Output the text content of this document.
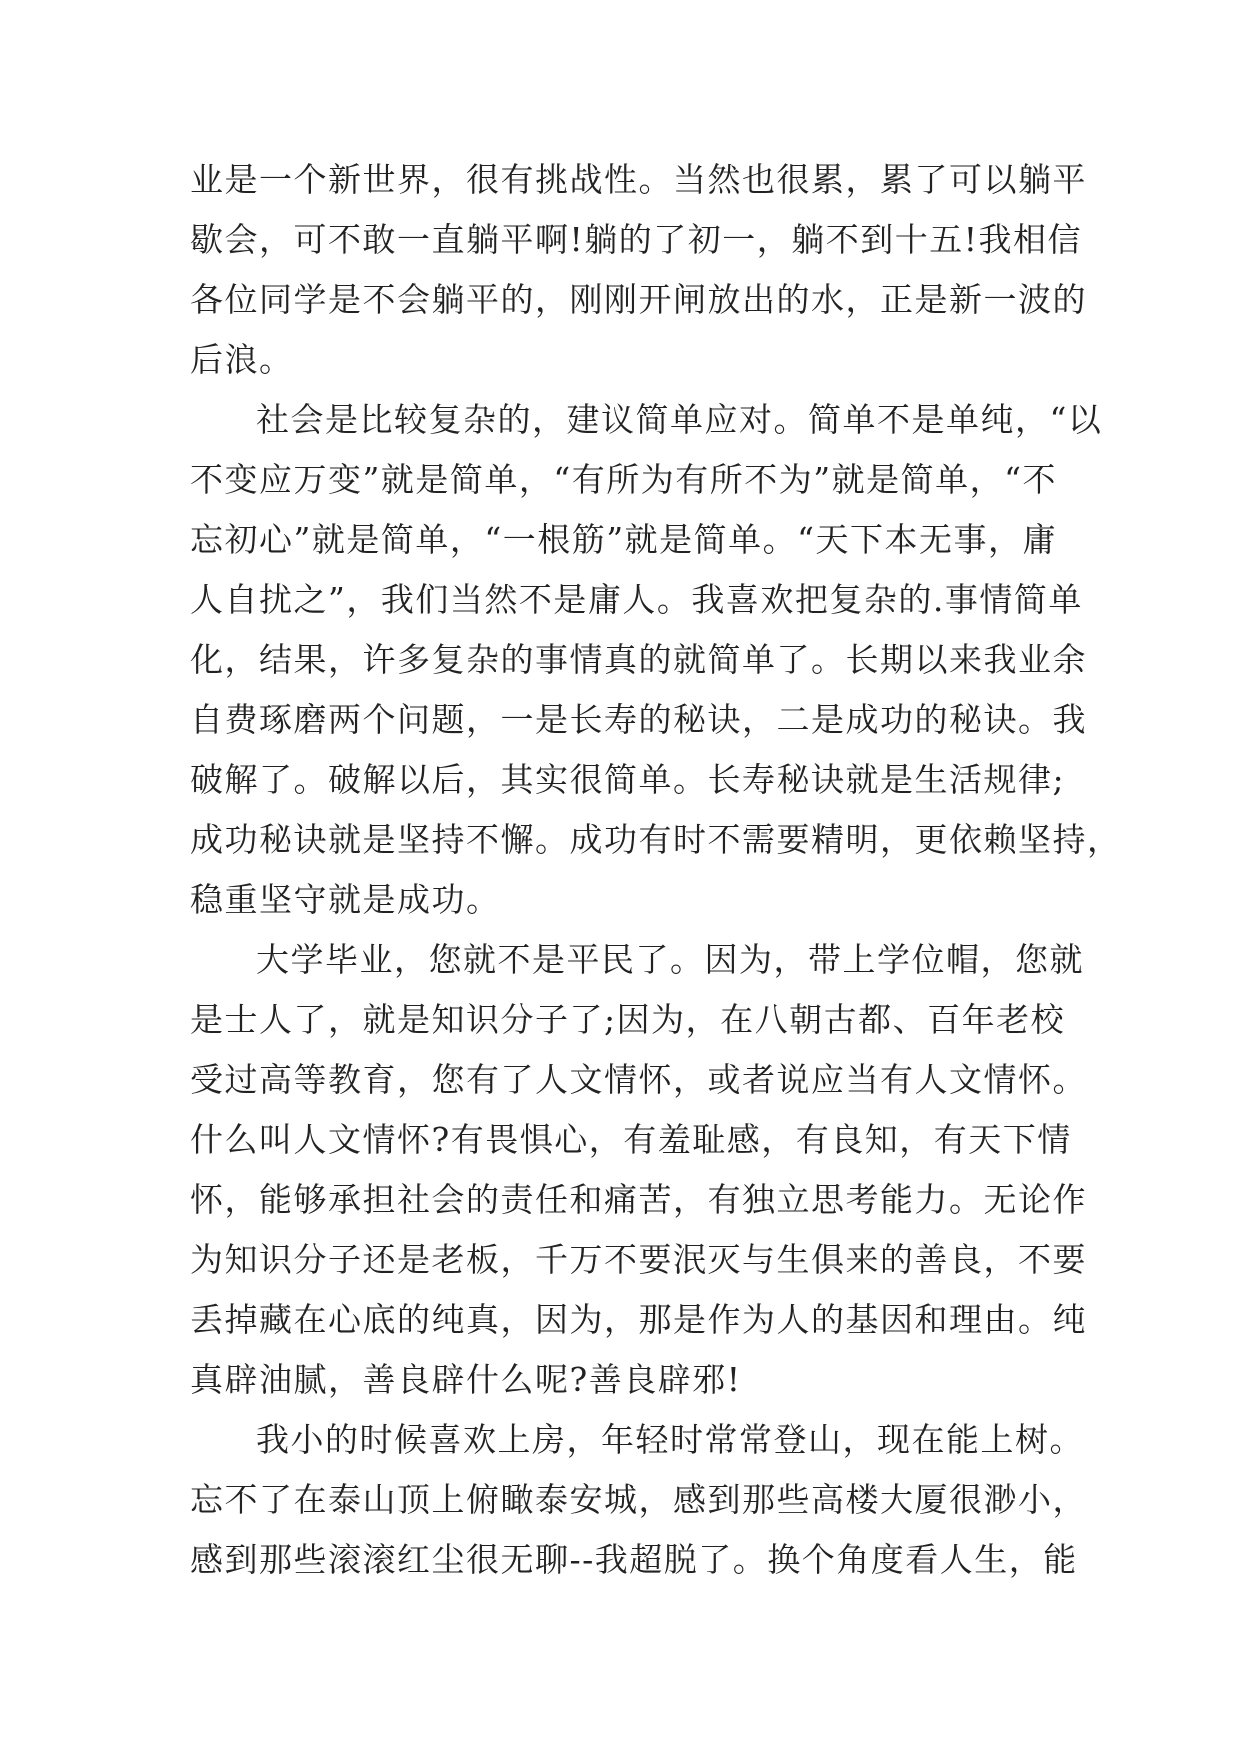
业是一个新世界，很有挑战性。当然也很累，累了可以躺平
歇会，可不敢一直躺平啊!躺的了初一，躺不到十五!我相信
各位同学是不会躺平的，刚刚开闸放出的水，正是新一波的
后浪。
社会是比较复杂的，建议简单应对。简单不是单纯，“以
不变应万变”就是简单，“有所为有所不为”就是简单，“不
忘初心”就是简单，“一根筋”就是简单。“天下本无事，庸
人自扰之”，我们当然不是庸人。我喜欢把复杂的.事情简单
化，结果，许多复杂的事情真的就简单了。长期以来我业余
自费琢磨两个问题，一是长寿的秘诀，二是成功的秘诀。我
破解了。破解以后，其实很简单。长寿秘诀就是生活规律;
成功秘诀就是坚持不懈。成功有时不需要精明，更依赖坚持，
稳重坚守就是成功。
大学毕业，您就不是平民了。因为，带上学位帽，您就
是士人了，就是知识分子了;因为，在八朝古都、百年老校
受过高等教育，您有了人文情怀，或者说应当有人文情怀。
什么叫人文情怀?有畏惧心，有羞耻感，有良知，有天下情
怀，能够承担社会的责任和痛苦，有独立思考能力。无论作
为知识分子还是老板，千万不要泯灭与生俱来的善良，不要
丢掉藏在心底的纯真，因为，那是作为人的基因和理由。纯
真辟油腻，善良辟什么呢?善良辟邪!
我小的时候喜欢上房，年轻时常常登山，现在能上树。
忘不了在泰山顶上俯瞰泰安城，感到那些高楼大厦很渺小，
感到那些滚滚红尘很无聊--我超脱了。换个角度看人生，能
